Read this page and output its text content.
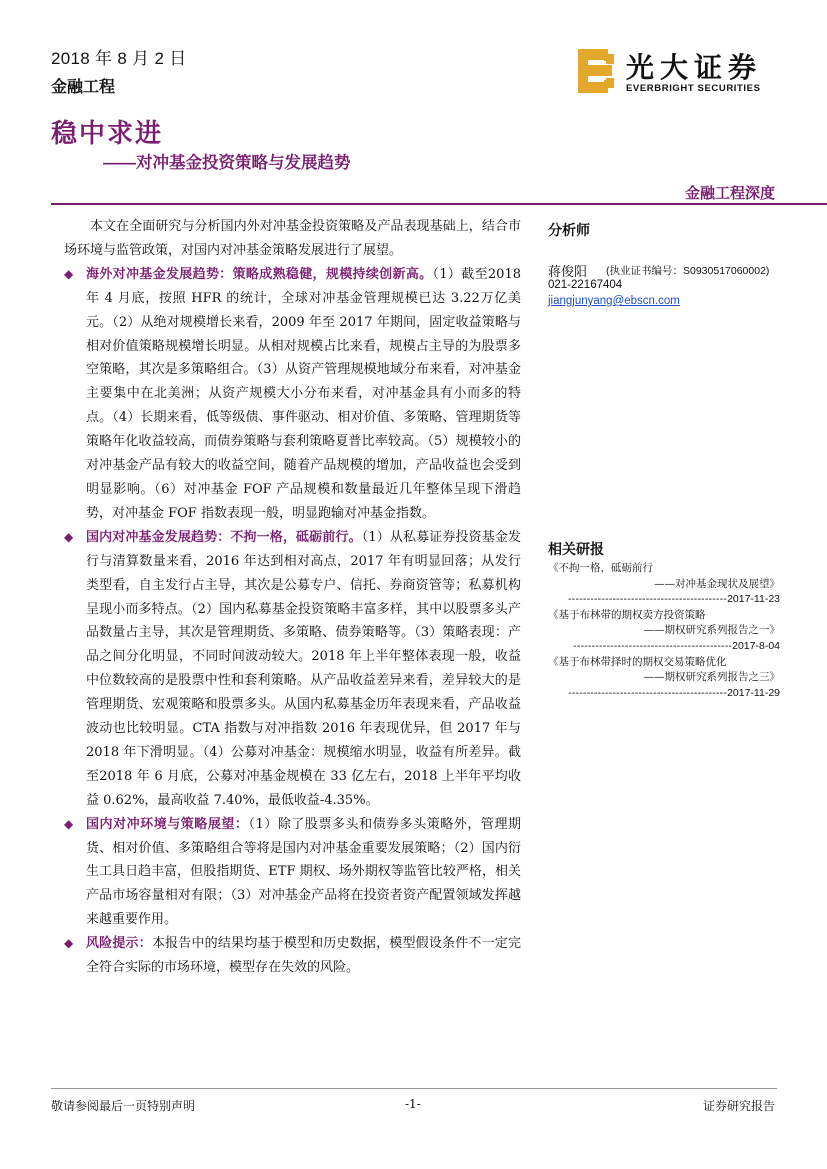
2018 年 8 月 2 日
金融工程
光大证券
EVERBRIGHT SECURITIES
稳中求进
——对冲基金投资策略与发展趋势
金融工程深度

本文在全面研究与分析国内外对冲基金投资策略及产品表现基础上，结合市场环境与监管政策，对国内对冲基金策略发展进行了展望。

◆ 海外对冲基金发展趋势：策略成熟稳健，规模持续创新高。（1）截至2018 年 4 月底，按照 HFR 的统计，全球对冲基金管理规模已达 3.22万亿美元。（2）从绝对规模增长来看，2009 年至 2017 年期间，固定收益策略与相对价值策略规模增长明显。从相对规模占比来看，规模占主导的为股票多空策略，其次是多策略组合。（3）从资产管理规模地域分布来看，对冲基金主要集中在北美洲；从资产规模大小分布来看，对冲基金具有小而多的特点。（4）长期来看，低等级债、事件驱动、相对价值、多策略、管理期货等策略年化收益较高，而债券策略与套利策略夏普比率较高。（5）规模较小的对冲基金产品有较大的收益空间，随着产品规模的增加，产品收益也会受到明显影响。（6）对冲基金 FOF 产品规模和数量最近几年整体呈现下滑趋势，对冲基金 FOF 指数表现一般，明显跑输对冲基金指数。

◆ 国内对冲基金发展趋势：不拘一格，砥砺前行。（1）从私募证券投资基金发行与清算数量来看，2016 年达到相对高点，2017 年有明显回落；从发行类型看，自主发行占主导，其次是公募专户、信托、券商资管等；私募机构呈现小而多特点。（2）国内私募基金投资策略丰富多样，其中以股票多头产品数量占主导，其次是管理期货、多策略、债券策略等。（3）策略表现：产品之间分化明显，不同时间波动较大。2018 年上半年整体表现一般，收益中位数较高的是股票中性和套利策略。从产品收益差异来看，差异较大的是管理期货、宏观策略和股票多头。从国内私募基金历年表现来看，产品收益波动也比较明显。CTA 指数与对冲指数 2016 年表现优异，但 2017 年与 2018 年下滑明显。（4）公募对冲基金：规模缩水明显，收益有所差异。截至2018 年 6 月底，公募对冲基金规模在 33 亿左右，2018 上半年平均收益 0.62%，最高收益 7.40%，最低收益-4.35%。

◆ 国内对冲环境与策略展望：（1）除了股票多头和债券多头策略外，管理期货、相对价值、多策略组合等将是国内对冲基金重要发展策略；（2）国内衍生工具日趋丰富，但股指期货、ETF 期权、场外期权等监管比较严格，相关产品市场容量相对有限；（3）对冲基金产品将在投资者资产配置领域发挥越来越重要作用。

◆ 风险提示：本报告中的结果均基于模型和历史数据，模型假设条件不一定完全符合实际的市场环境，模型存在失效的风险。

分析师
蒋俊阳 (执业证书编号：S0930517060002)
021-22167404
jiangjunyang@ebscn.com
相关研报
《不拘一格，砥砺前行
——对冲基金现状及展望》
-------------------------------------------2017-11-23
《基于布林带的期权卖方投资策略
——期权研究系列报告之一》
-------------------------------------------2017-8-04
《基于布林带择时的期权交易策略优化
——期权研究系列报告之三》
-------------------------------------------2017-11-29
敬请参阅最后一页特别声明	-1-	证券研究报告
